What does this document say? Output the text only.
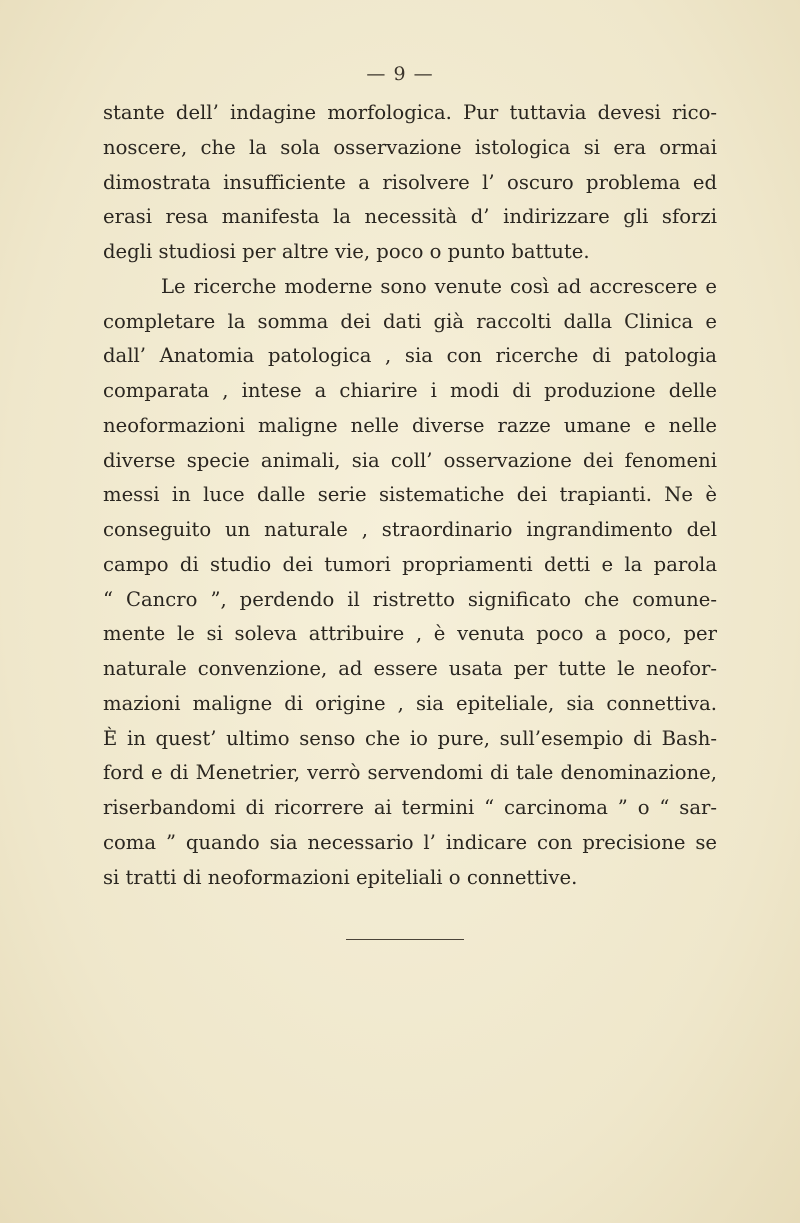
— 9 —
stante dell’ indagine morfologica. Pur tuttavia devesi rico-
noscere, che la sola osservazione istologica si era ormai
dimostrata insufficiente a risolvere l’ oscuro problema ed
erasi resa manifesta la necessità d’ indirizzare gli sforzi
degli studiosi per altre vie, poco o punto battute.
Le ricerche moderne sono venute così ad accrescere e
completare la somma dei dati già raccolti dalla Clinica e
dall’ Anatomia patologica , sia con ricerche di patologia
comparata , intese a chiarire i modi di produzione delle
neoformazioni maligne nelle diverse razze umane e nelle
diverse specie animali, sia coll’ osservazione dei fenomeni
messi in luce dalle serie sistematiche dei trapianti. Ne è
conseguito un naturale , straordinario ingrandimento del
campo di studio dei tumori propriamenti detti e la parola
“ Cancro ”, perdendo il ristretto significato che comune-
mente le si soleva attribuire , è venuta poco a poco, per
naturale convenzione, ad essere usata per tutte le neofor-
mazioni maligne di origine , sia epiteliale, sia connettiva.
È in quest’ ultimo senso che io pure, sull’esempio di Bash-
ford e di Menetrier, verrò servendomi di tale denominazione,
riserbandomi di ricorrere ai termini “ carcinoma ” o “ sar-
coma ” quando sia necessario l’ indicare con precisione se
si tratti di neoformazioni epiteliali o connettive.
